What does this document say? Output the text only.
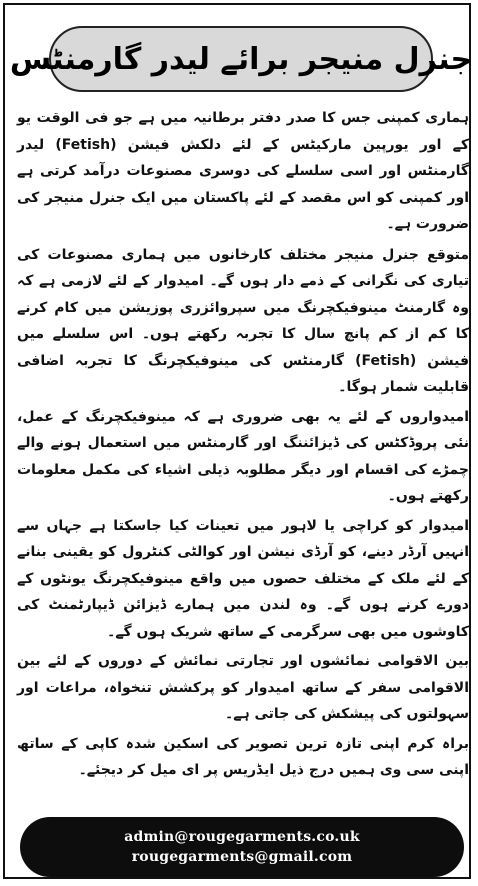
جنرل منیجر برائے لیدر گارمنٹس

ہماری کمپنی جس کا صدر دفتر برطانیہ میں ہے جو فی الوقت یو کے اور یورپین مارکیٹس کے لئے دلکش فیشن (Fetish) لیدر گارمنٹس اور اسی سلسلے کی دوسری مصنوعات درآمد کرتی ہے اور کمپنی کو اس مقصد کے لئے پاکستان میں ایک جنرل منیجر کی ضرورت ہے۔

متوقع جنرل منیجر مختلف کارخانوں میں ہماری مصنوعات کی تیاری کی نگرانی کے ذمے دار ہوں گے۔ امیدوار کے لئے لازمی ہے کہ وہ گارمنٹ مینوفیکچرنگ میں سپروائزری پوزیشن میں کام کرنے کا کم از کم پانچ سال کا تجربہ رکھتے ہوں۔ اس سلسلے میں فیشن (Fetish) گارمنٹس کی مینوفیکچرنگ کا تجربہ اضافی قابلیت شمار ہوگا۔

امیدواروں کے لئے یہ بھی ضروری ہے کہ مینوفیکچرنگ کے عمل، نئی پروڈکٹس کی ڈیزائننگ اور گارمنٹس میں استعمال ہونے والے چمڑے کی اقسام اور دیگر مطلوبہ ذیلی اشیاء کی مکمل معلومات رکھتے ہوں۔

امیدوار کو کراچی یا لاہور میں تعینات کیا جاسکتا ہے جہاں سے انہیں آرڈر دینے، کو آرڈی نیشن اور کوالٹی کنٹرول کو یقینی بنانے کے لئے ملک کے مختلف حصوں میں واقع مینوفیکچرنگ یونٹوں کے دورے کرنے ہوں گے۔ وہ لندن میں ہمارے ڈیزائن ڈیپارٹمنٹ کی کاوشوں میں بھی سرگرمی کے ساتھ شریک ہوں گے۔

بین الاقوامی نمائشوں اور تجارتی نمائش کے دوروں کے لئے بین الاقوامی سفر کے ساتھ امیدوار کو پرکشش تنخواہ، مراعات اور سہولتوں کی پیشکش کی جاتی ہے۔

براہ کرم اپنی تازہ ترین تصویر کی اسکین شدہ کاپی کے ساتھ اپنی سی وی ہمیں درج ذیل ایڈریس پر ای میل کر دیجئے۔

admin@rougegarments.co.uk
rougegarments@gmail.com
